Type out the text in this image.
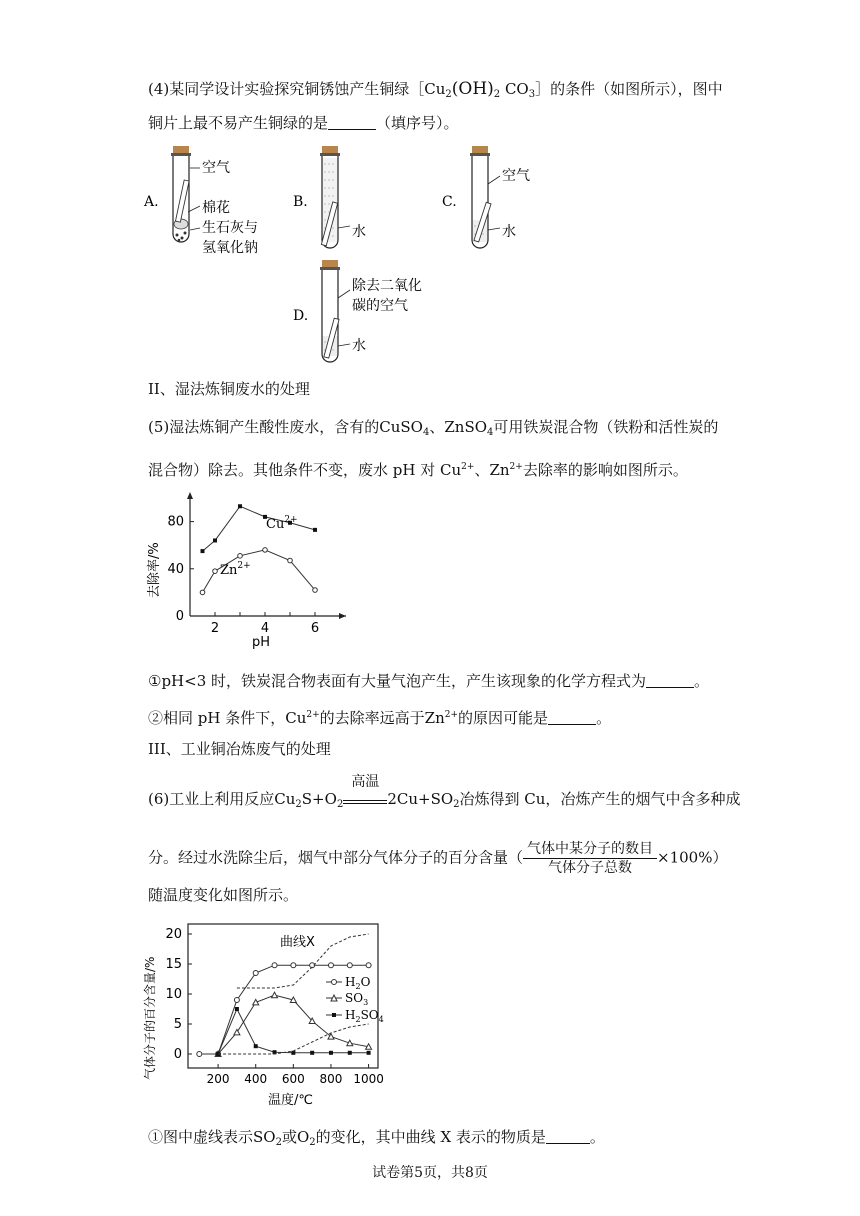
(4)某同学设计实验探究铜锈蚀产生铜绿$[Cu_2(OH)_2$ $CO_3]$的条件（如图所示），图中
铜片上最不易产生铜绿的是	（填序号）。
A.
空气
棉花
生石灰与
氢氧化钠
B.
水
C.
空气
水
D.
除去二氧化
碳的空气
水
II、湿法炼铜废水的处理
(5)湿法炼铜产生酸性废水，含有的CuSO$_4$、ZnSO$_4$可用铁炭混合物（铁粉和活性炭的
混合物）除去。其他条件不变，废水 pH 对 $Cu^{2+}$、$Zn^{2+}$去除率的影响如图所示。
去除率/%
pH
0
40
80
2	4	6
$Cu^{2+}$
$Zn^{2+}$
①pH<3 时，铁炭混合物表面有大量气泡产生，产生该现象的化学方程式为	。
②相同 pH 条件下，$Cu^{2+}$的去除率远高于$Zn^{2+}$的原因可能是	。
III、工业铜冶炼废气的处理
(6)工业上利用反应$Cu_2S+O_2$
高温
$2Cu+SO_2$冶炼得到 Cu，冶炼产生的烟气中含多种成
分。经过水洗除尘后，烟气中部分气体分子的百分含量（ $\frac{\text{气体中某分子的数目}}{\text{气体分子总数}} \times 100\%$）
随温度变化如图所示。
气体分子的百分含量/%
温度/℃
0
5
10
15
20
200 400 600 800 1000
曲线X
$H_2O$
$SO_3$
$H_2SO_4$
①图中虚线表示$SO_2$或$O_2$的变化，其中曲线 X 表示的物质是	。
试卷第5页，共8页
